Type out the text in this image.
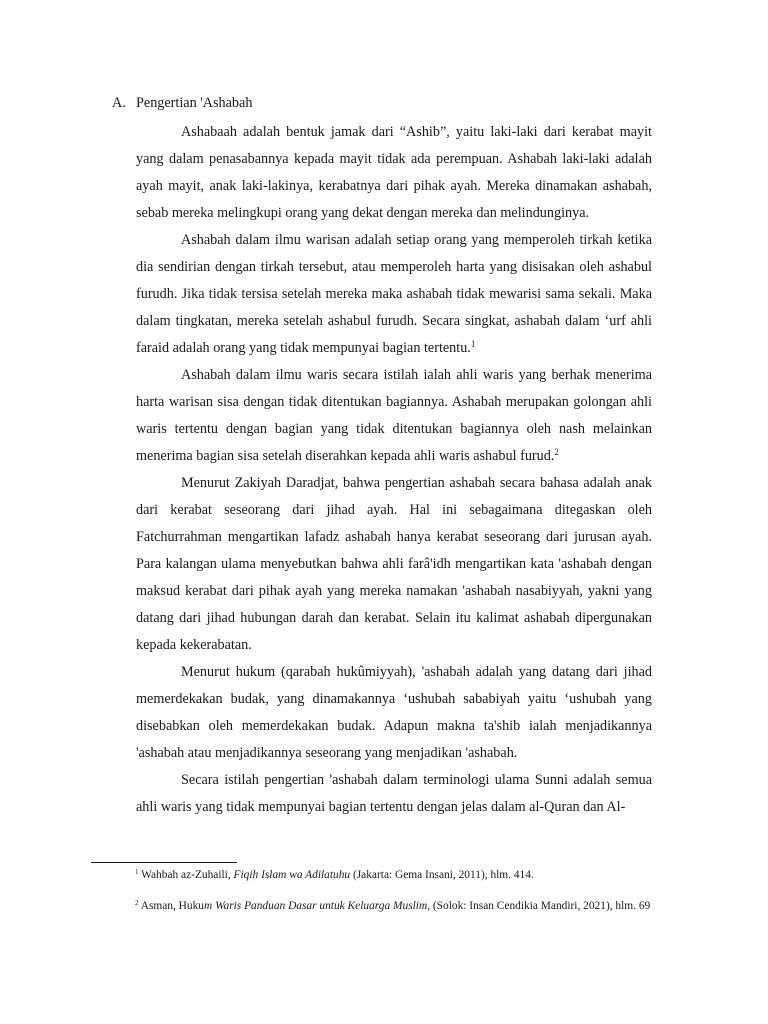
A. Pengertian 'Ashabah

Ashabaah adalah bentuk jamak dari “Ashib”, yaitu laki-laki dari kerabat mayit yang dalam penasabannya kepada mayit tidak ada perempuan. Ashabah laki-laki adalah ayah mayit, anak laki-lakinya, kerabatnya dari pihak ayah. Mereka dinamakan ashabah, sebab mereka melingkupi orang yang dekat dengan mereka dan melindunginya.

Ashabah dalam ilmu warisan adalah setiap orang yang memperoleh tirkah ketika dia sendirian dengan tirkah tersebut, atau memperoleh harta yang disisakan oleh ashabul furudh. Jika tidak tersisa setelah mereka maka ashabah tidak mewarisi sama sekali. Maka dalam tingkatan, mereka setelah ashabul furudh. Secara singkat, ashabah dalam ‘urf ahli faraid adalah orang yang tidak mempunyai bagian tertentu.$^1$

Ashabah dalam ilmu waris secara istilah ialah ahli waris yang berhak menerima harta warisan sisa dengan tidak ditentukan bagiannya. Ashabah merupakan golongan ahli waris tertentu dengan bagian yang tidak ditentukan bagiannya oleh nash melainkan menerima bagian sisa setelah diserahkan kepada ahli waris ashabul furud.$^2$

Menurut Zakiyah Daradjat, bahwa pengertian ashabah secara bahasa adalah anak dari kerabat seseorang dari jihad ayah. Hal ini sebagaimana ditegaskan oleh Fatchurrahman mengartikan lafadz ashabah hanya kerabat seseorang dari jurusan ayah. Para kalangan ulama menyebutkan bahwa ahli farâ'idh mengartikan kata 'ashabah dengan maksud kerabat dari pihak ayah yang mereka namakan 'ashabah nasabiyyah, yakni yang datang dari jihad hubungan darah dan kerabat. Selain itu kalimat ashabah dipergunakan kepada kekerabatan.

Menurut hukum (qarabah hukûmiyyah), 'ashabah adalah yang datang dari jihad memerdekakan budak, yang dinamakannya ‘ushubah sababiyah yaitu ‘ushubah yang disebabkan oleh memerdekakan budak. Adapun makna ta'shib ialah menjadikannya 'ashabah atau menjadikannya seseorang yang menjadikan 'ashabah.

Secara istilah pengertian 'ashabah dalam terminologi ulama Sunni adalah semua ahli waris yang tidak mempunyai bagian tertentu dengan jelas dalam al-Quran dan Al-

$^1$ Wahbah az-Zuhaili, Fiqih Islam wa Adilatuhu (Jakarta: Gema Insani, 2011), hlm. 414.
$^2$ Asman, Hukum Waris Panduan Dasar untuk Keluarga Muslim, (Solok: Insan Cendikia Mandiri, 2021), hlm. 69
